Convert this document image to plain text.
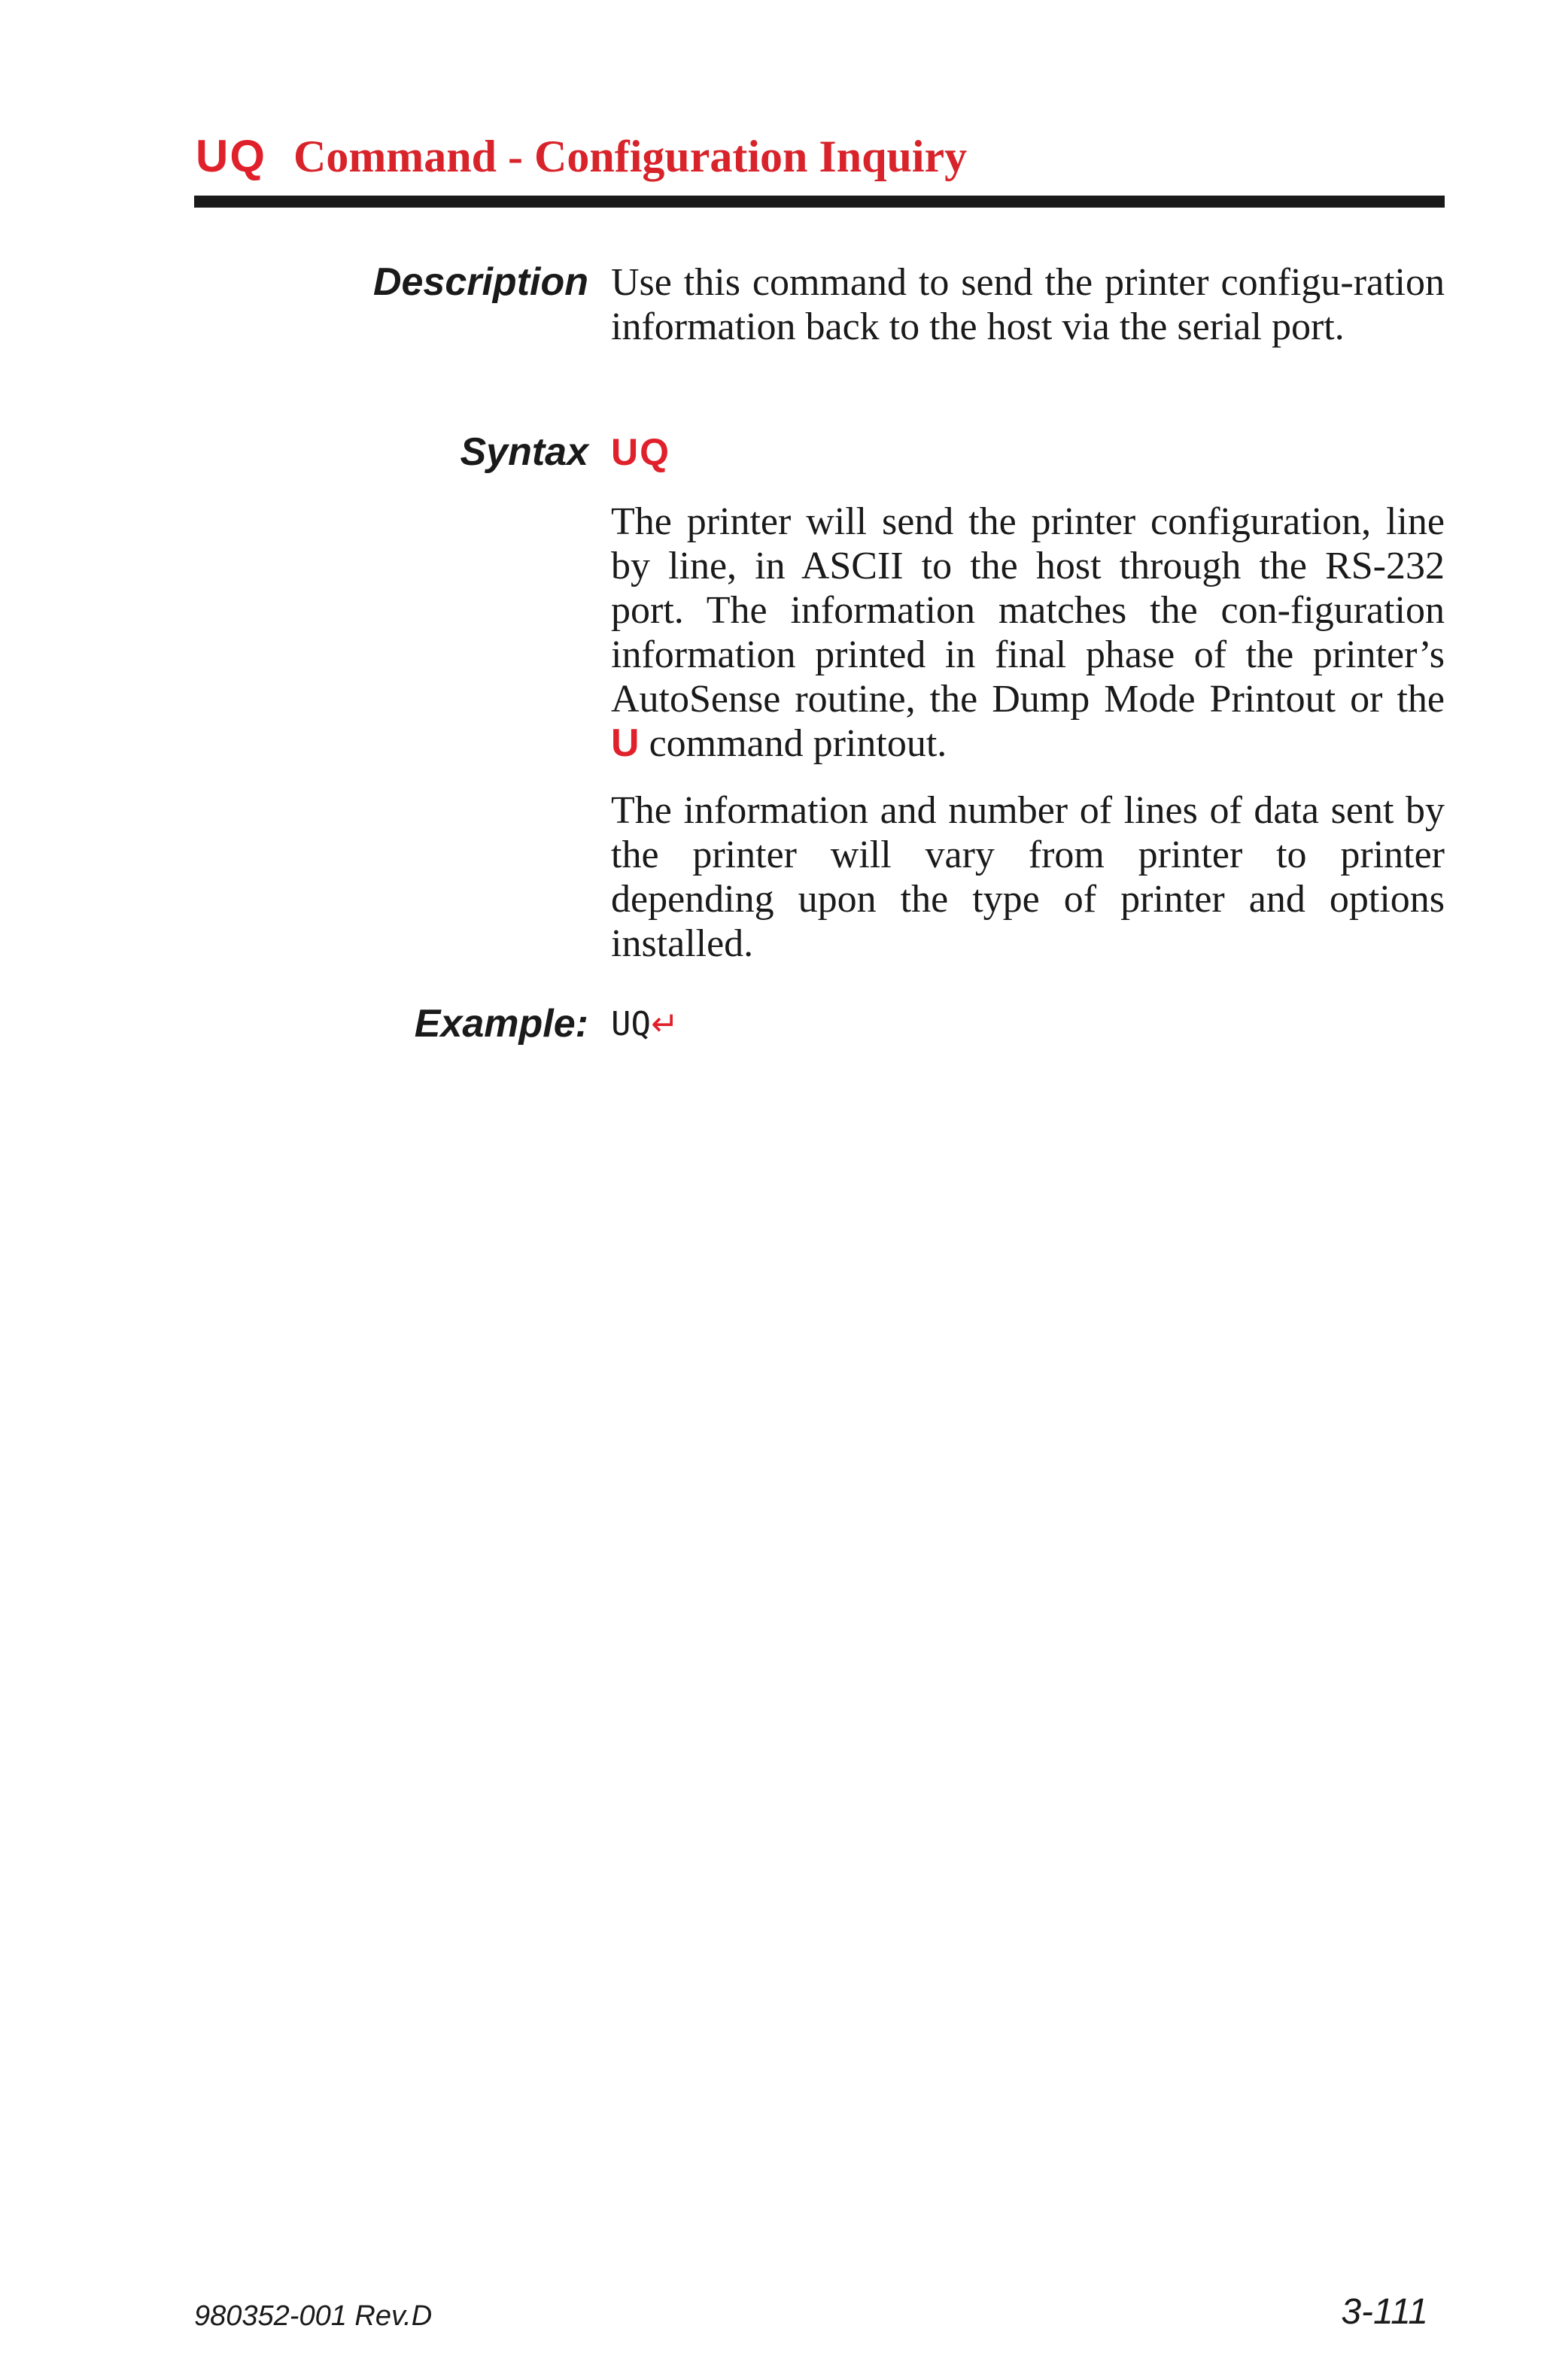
UQ Command - Configuration Inquiry
Description Use this command to send the printer configu-ration information back to the host via the serial port.
Syntax UQ
The printer will send the printer configuration, line by line, in ASCII to the host through the RS-232 port. The information matches the con-figuration information printed in final phase of the printer’s AutoSense routine, the Dump Mode Printout or the U command printout.
The information and number of lines of data sent by the printer will vary from printer to printer depending upon the type of printer and options installed.
Example: UQ↵
980352-001 Rev.D	3-111
